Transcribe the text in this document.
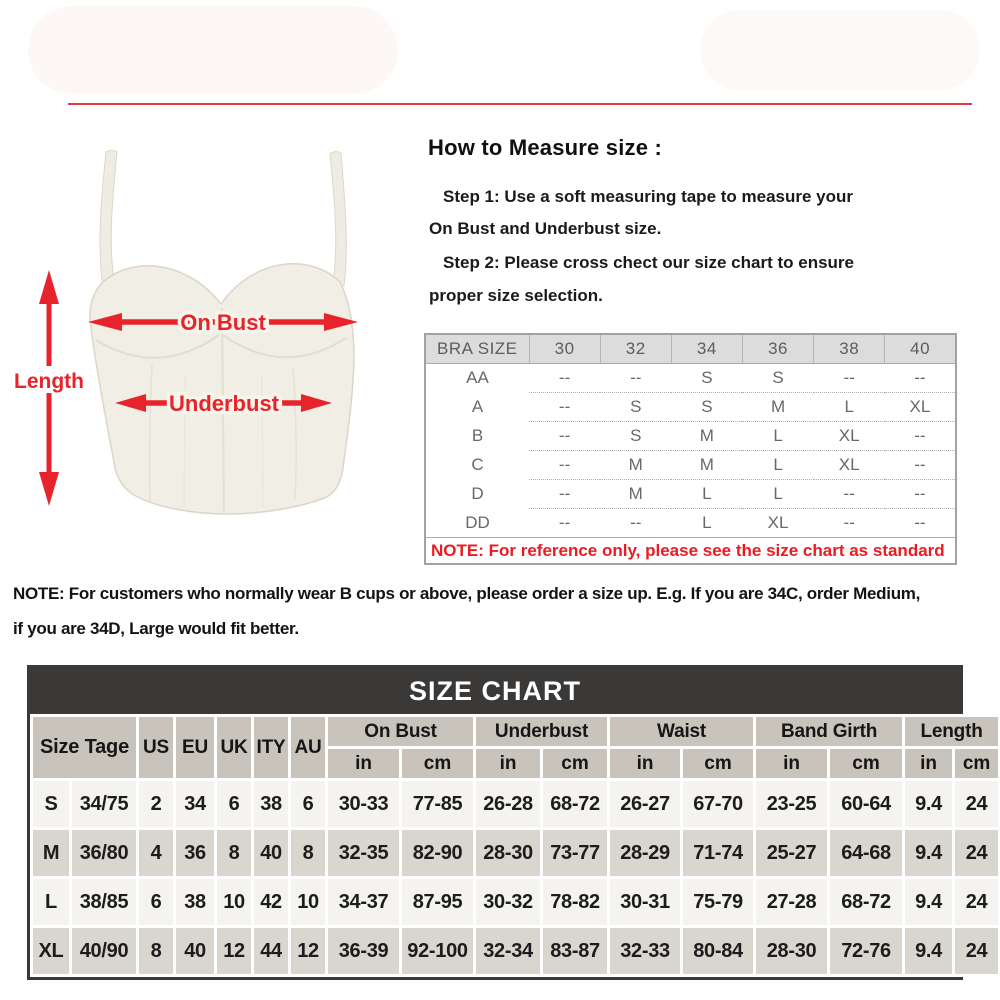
How to Measure size :
Step 1: Use a soft measuring tape to measure your
On Bust and Underbust size.
Step 2: Please cross chect our size chart to ensure
proper size selection.
Length
On Bust
Underbust
BRA SIZE	30	32	34	36	38	40
AA	--	--	S	S	--	--
A	--	S	S	M	L	XL
B	--	S	M	L	XL	--
C	--	M	M	L	XL	--
D	--	M	L	L	--	--
DD	--	--	L	XL	--	--
NOTE: For reference only, please see the size chart as standard						
NOTE: For customers who normally wear B cups or above, please order a size up. E.g. If you are 34C, order Medium,
if you are 34D, Large would fit better.
SIZE CHART
Size Tage		US	EU	UK	ITY	AU	On Bust		Underbust		Waist		Band Girth		Length	
							in	cm	in	cm	in	cm	in	cm	in	cm
S	34/75	2	34	6	38	6	30-33	77-85	26-28	68-72	26-27	67-70	23-25	60-64	9.4	24
M	36/80	4	36	8	40	8	32-35	82-90	28-30	73-77	28-29	71-74	25-27	64-68	9.4	24
L	38/85	6	38	10	42	10	34-37	87-95	30-32	78-82	30-31	75-79	27-28	68-72	9.4	24
XL	40/90	8	40	12	44	12	36-39	92-100	32-34	83-87	32-33	80-84	28-30	72-76	9.4	24
